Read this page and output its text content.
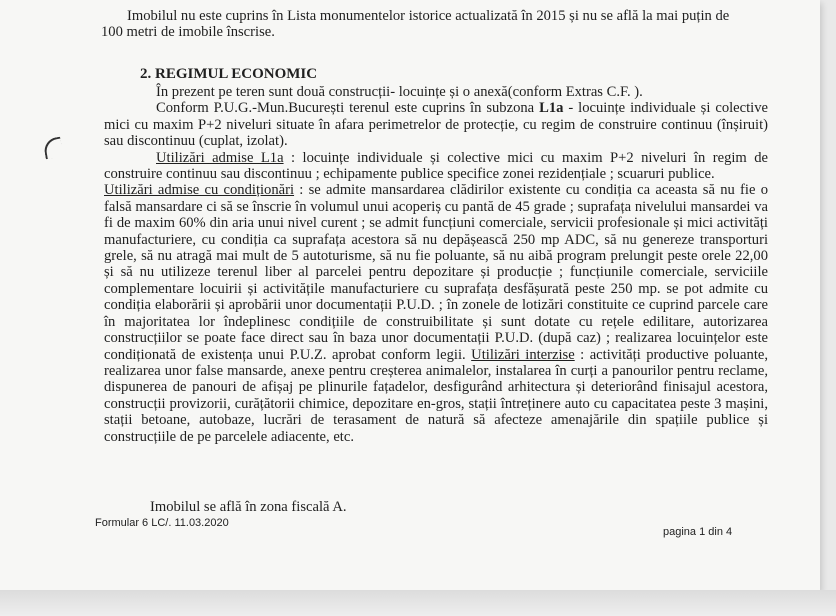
Imobilul nu este cuprins în Lista monumentelor istorice actualizată în 2015 și nu se află la mai puțin de
100 metri de imobile înscrise.
2. REGIMUL ECONOMIC
În prezent pe teren sunt două construcții- locuințe și o anexă(conform Extras C.F. ).
Conform P.U.G.-Mun.București terenul este cuprins în subzona L1a - locuințe individuale și colective mici cu maxim P+2 niveluri situate în afara perimetrelor de protecție, cu regim de construire continuu (înșiruit) sau discontinuu (cuplat, izolat).
Utilizări admise L1a : locuințe individuale și colective mici cu maxim P+2 niveluri în regim de construire continuu sau discontinuu ; echipamente publice specifice zonei rezidențiale ; scuaruri publice.
Utilizări admise cu condiționări : se admite mansardarea clădirilor existente cu condiția ca aceasta să nu fie o falsă mansardare ci să se înscrie în volumul unui acoperiș cu pantă de 45 grade ; suprafața nivelului mansardei va fi de maxim 60% din aria unui nivel curent ; se admit funcțiuni comerciale, servicii profesionale și mici activități manufacturiere, cu condiția ca suprafața acestora să nu depășească 250 mp ADC, să nu genereze transporturi grele, să nu atragă mai mult de 5 autoturisme, să nu fie poluante, să nu aibă program prelungit peste orele 22,00 și să nu utilizeze terenul liber al parcelei pentru depozitare și producție ; funcțiunile comerciale, serviciile complementare locuirii și activitățile manufacturiere cu suprafața desfășurată peste 250 mp. se pot admite cu condiția elaborării și aprobării unor documentații P.U.D. ; în zonele de lotizări constituite ce cuprind parcele care în majoritatea lor îndeplinesc condițiile de construibilitate și sunt dotate cu rețele edilitare, autorizarea construcțiilor se poate face direct sau în baza unor documentații P.U.D. (după caz) ; realizarea locuințelor este condiționată de existența unui P.U.Z. aprobat conform legii. Utilizări interzise : activități productive poluante, realizarea unor false mansarde, anexe pentru creșterea animalelor, instalarea în curți a panourilor pentru reclame, dispunerea de panouri de afișaj pe plinurile fațadelor, desfigurând arhitectura și deteriorând finisajul acestora, construcții provizorii, curățătorii chimice, depozitare en-gros, stații întreținere auto cu capacitatea peste 3 mașini, stații betoane, autobaze, lucrări de terasament de natură să afecteze amenajările din spațiile publice și construcțiile de pe parcelele adiacente, etc.
Imobilul se află în zona fiscală A.
Formular 6 LC/. 11.03.2020
pagina 1 din 4
